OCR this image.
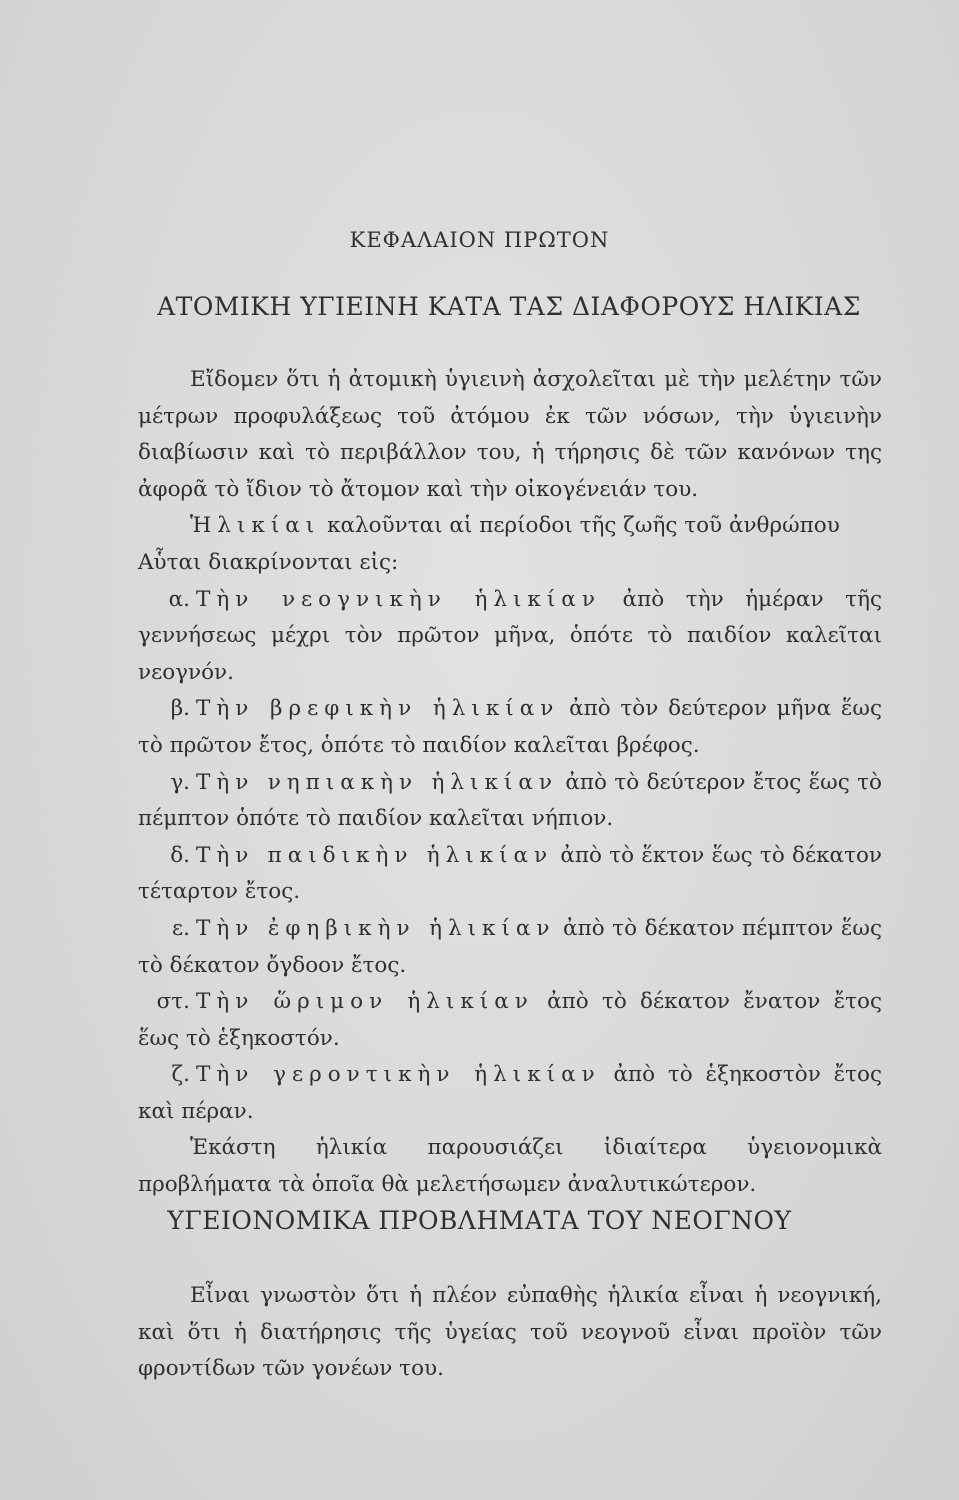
ΚΕΦΑΛΑΙΟΝ ΠΡΩΤΟΝ
ΑΤΟΜΙΚΗ ΥΓΙΕΙΝΗ ΚΑΤΑ ΤΑΣ ΔΙΑΦΟΡΟΥΣ ΗΛΙΚΙΑΣ

Εἴδομεν ὅτι ἡ ἀτομικὴ ὑγιεινὴ ἀσχολεῖται μὲ τὴν μελέτην τῶν μέτρων προφυλάξεως τοῦ ἀτόμου ἐκ τῶν νόσων, τὴν ὑγιεινὴν διαβίωσιν καὶ τὸ περιβάλλον του, ἡ τήρησις δὲ τῶν κανόνων της ἀφορᾶ τὸ ἴδιον τὸ ἄτομον καὶ τὴν οἰκογένειάν του.

Ἡλικίαι καλοῦνται αἱ περίοδοι τῆς ζωῆς τοῦ ἀνθρώπου

Αὗται διακρίνονται εἰς:

α. Τὴν νεογνικὴν ἡλικίαν ἀπὸ τὴν ἡμέραν τῆς γεννήσεως μέχρι τὸν πρῶτον μῆνα, ὁπότε τὸ παιδίον καλεῖται νεογνόν.

β. Τὴν βρεφικὴν ἡλικίαν ἀπὸ τὸν δεύτερον μῆνα ἕως τὸ πρῶτον ἔτος, ὁπότε τὸ παιδίον καλεῖται βρέφος.

γ. Τὴν νηπιακὴν ἡλικίαν ἀπὸ τὸ δεύτερον ἔτος ἕως τὸ πέμπτον ὁπότε τὸ παιδίον καλεῖται νήπιον.

δ. Τὴν παιδικὴν ἡλικίαν ἀπὸ τὸ ἕκτον ἕως τὸ δέκατον τέταρτον ἔτος.

ε. Τὴν ἐφηβικὴν ἡλικίαν ἀπὸ τὸ δέκατον πέμπτον ἕως τὸ δέκατον ὄγδοον ἔτος.

στ. Τὴν ὥριμον ἡλικίαν ἀπὸ τὸ δέκατον ἔνατον ἔτος ἕως τὸ ἑξηκοστόν.

ζ. Τὴν γεροντικὴν ἡλικίαν ἀπὸ τὸ ἑξηκοστὸν ἔτος καὶ πέραν.

Ἑκάστη ἡλικία παρουσιάζει ἰδιαίτερα ὑγειονομικὰ προβλήματα τὰ ὁποῖα θὰ μελετήσωμεν ἀναλυτικώτερον.

ΥΓΕΙΟΝΟΜΙΚΑ ΠΡΟΒΛΗΜΑΤΑ ΤΟΥ ΝΕΟΓΝΟΥ

Εἶναι γνωστὸν ὅτι ἡ πλέον εὐπαθὴς ἡλικία εἶναι ἡ νεογνική, καὶ ὅτι ἡ διατήρησις τῆς ὑγείας τοῦ νεογνοῦ εἶναι προϊὸν τῶν φροντίδων τῶν γονέων του.
